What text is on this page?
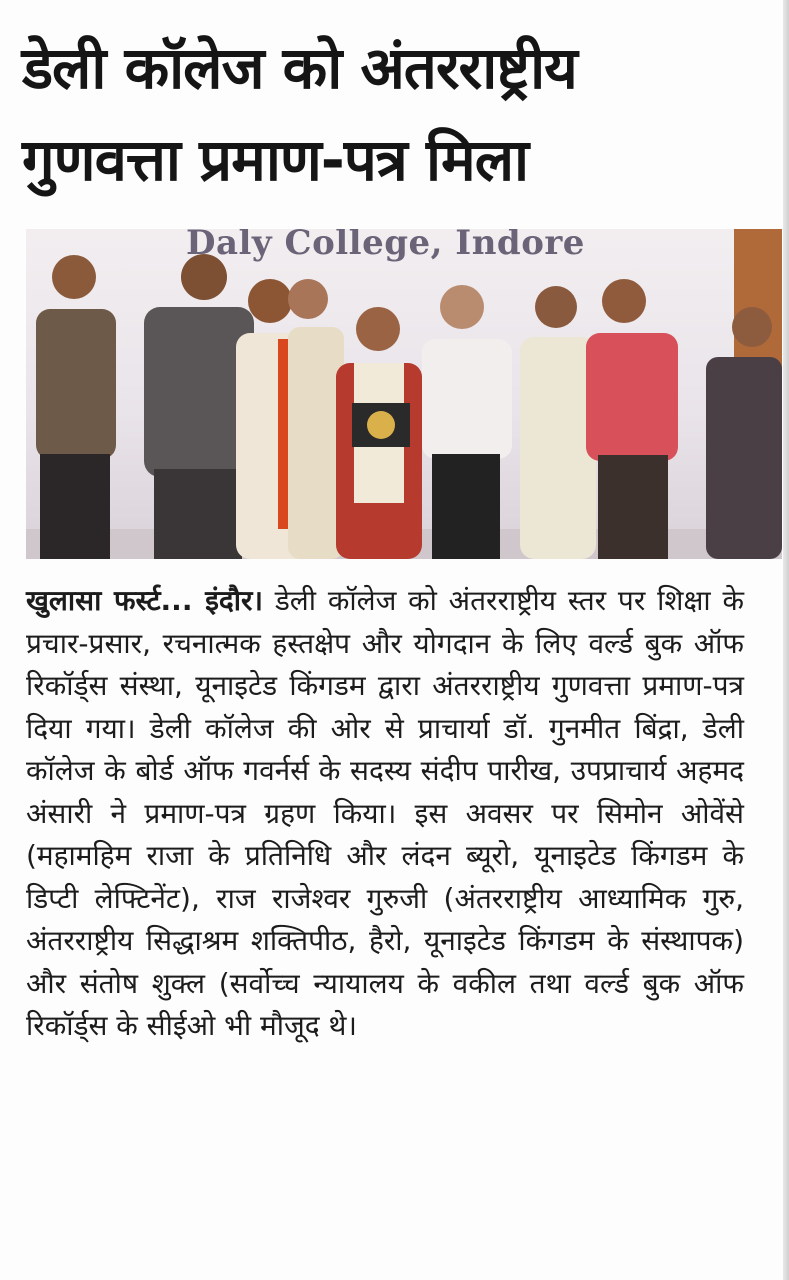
डेली कॉलेज को अंतरराष्ट्रीय
गुणवत्ता प्रमाण-पत्र मिला
Daly College, Indore

खुलासा फर्स्ट... इंदौर। डेली कॉलेज को अंतरराष्ट्रीय स्तर पर शिक्षा के प्रचार-प्रसार, रचनात्मक हस्तक्षेप और योगदान के लिए वर्ल्ड बुक ऑफ रिकॉर्ड्स संस्था, यूनाइटेड किंगडम द्वारा अंतरराष्ट्रीय गुणवत्ता प्रमाण-पत्र दिया गया। डेली कॉलेज की ओर से प्राचार्या डॉ. गुनमीत बिंद्रा, डेली कॉलेज के बोर्ड ऑफ गवर्नर्स के सदस्य संदीप पारीख, उपप्राचार्य अहमद अंसारी ने प्रमाण-पत्र ग्रहण किया। इस अवसर पर सिमोन ओवेंसे (महामहिम राजा के प्रतिनिधि और लंदन ब्यूरो, यूनाइटेड किंगडम के डिप्टी लेफ्टिनेंट), राज राजेश्वर गुरुजी (अंतरराष्ट्रीय आध्यामिक गुरु, अंतरराष्ट्रीय सिद्धाश्रम शक्तिपीठ, हैरो, यूनाइटेड किंगडम के संस्थापक) और संतोष शुक्ल (सर्वोच्च न्यायालय के वकील तथा वर्ल्ड बुक ऑफ रिकॉर्ड्स के सीईओ भी मौजूद थे।
